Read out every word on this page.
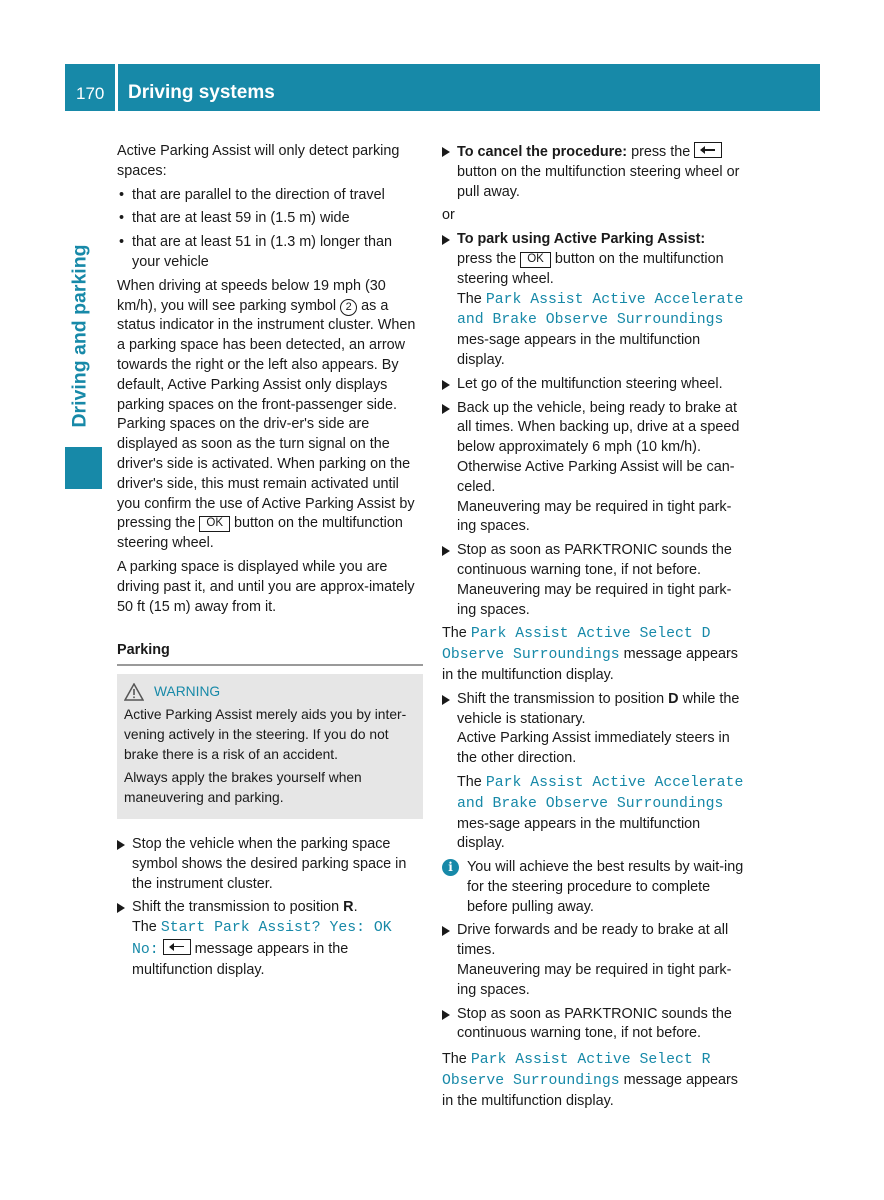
170 Driving systems
Driving and parking

Active Parking Assist will only detect parking spaces:

• that are parallel to the direction of travel
• that are at least 59 in (1.5 m) wide
• that are at least 51 in (1.3 m) longer than your vehicle

When driving at speeds below 19 mph (30 km/h), you will see parking symbol 2 as a status indicator in the instrument cluster. When a parking space has been detected, an arrow towards the right or the left also appears. By default, Active Parking Assist only displays parking spaces on the front-passenger side. Parking spaces on the driv-er's side are displayed as soon as the turn signal on the driver's side is activated. When parking on the driver's side, this must remain activated until you confirm the use of Active Parking Assist by pressing the OK button on the multifunction steering wheel.

A parking space is displayed while you are driving past it, and until you are approx-imately 50 ft (15 m) away from it.

Parking
WARNING

Active Parking Assist merely aids you by inter-vening actively in the steering. If you do not brake there is a risk of an accident.

Always apply the brakes yourself when maneuvering and parking.

Stop the vehicle when the parking space symbol shows the desired parking space in the instrument cluster.
Shift the transmission to position R.
The Start Park Assist? Yes: OK No:	message appears in the multifunction display.
To cancel the procedure: press the  button on the multifunction steering wheel or pull away.

or

To park using Active Parking Assist:
press the OK button on the multifunction steering wheel.
The Park Assist Active Accelerate and Brake Observe Surroundings mes-sage appears in the multifunction display.
Let go of the multifunction steering wheel.
Back up the vehicle, being ready to brake at all times. When backing up, drive at a speed below approximately 6 mph (10 km/h). Otherwise Active Parking Assist will be can-celed.
Maneuvering may be required in tight park-ing spaces.
Stop as soon as PARKTRONIC sounds the continuous warning tone, if not before.
Maneuvering may be required in tight park-ing spaces.

The Park Assist Active Select D Observe Surroundings message appears in the multifunction display.

Shift the transmission to position D while the vehicle is stationary.
Active Parking Assist immediately steers in the other direction.
The Park Assist Active Accelerate and Brake Observe Surroundings mes-sage appears in the multifunction display.
i You will achieve the best results by wait-ing for the steering procedure to complete before pulling away.
Drive forwards and be ready to brake at all times.
Maneuvering may be required in tight park-ing spaces.
Stop as soon as PARKTRONIC sounds the continuous warning tone, if not before.

The Park Assist Active Select R Observe Surroundings message appears in the multifunction display.
